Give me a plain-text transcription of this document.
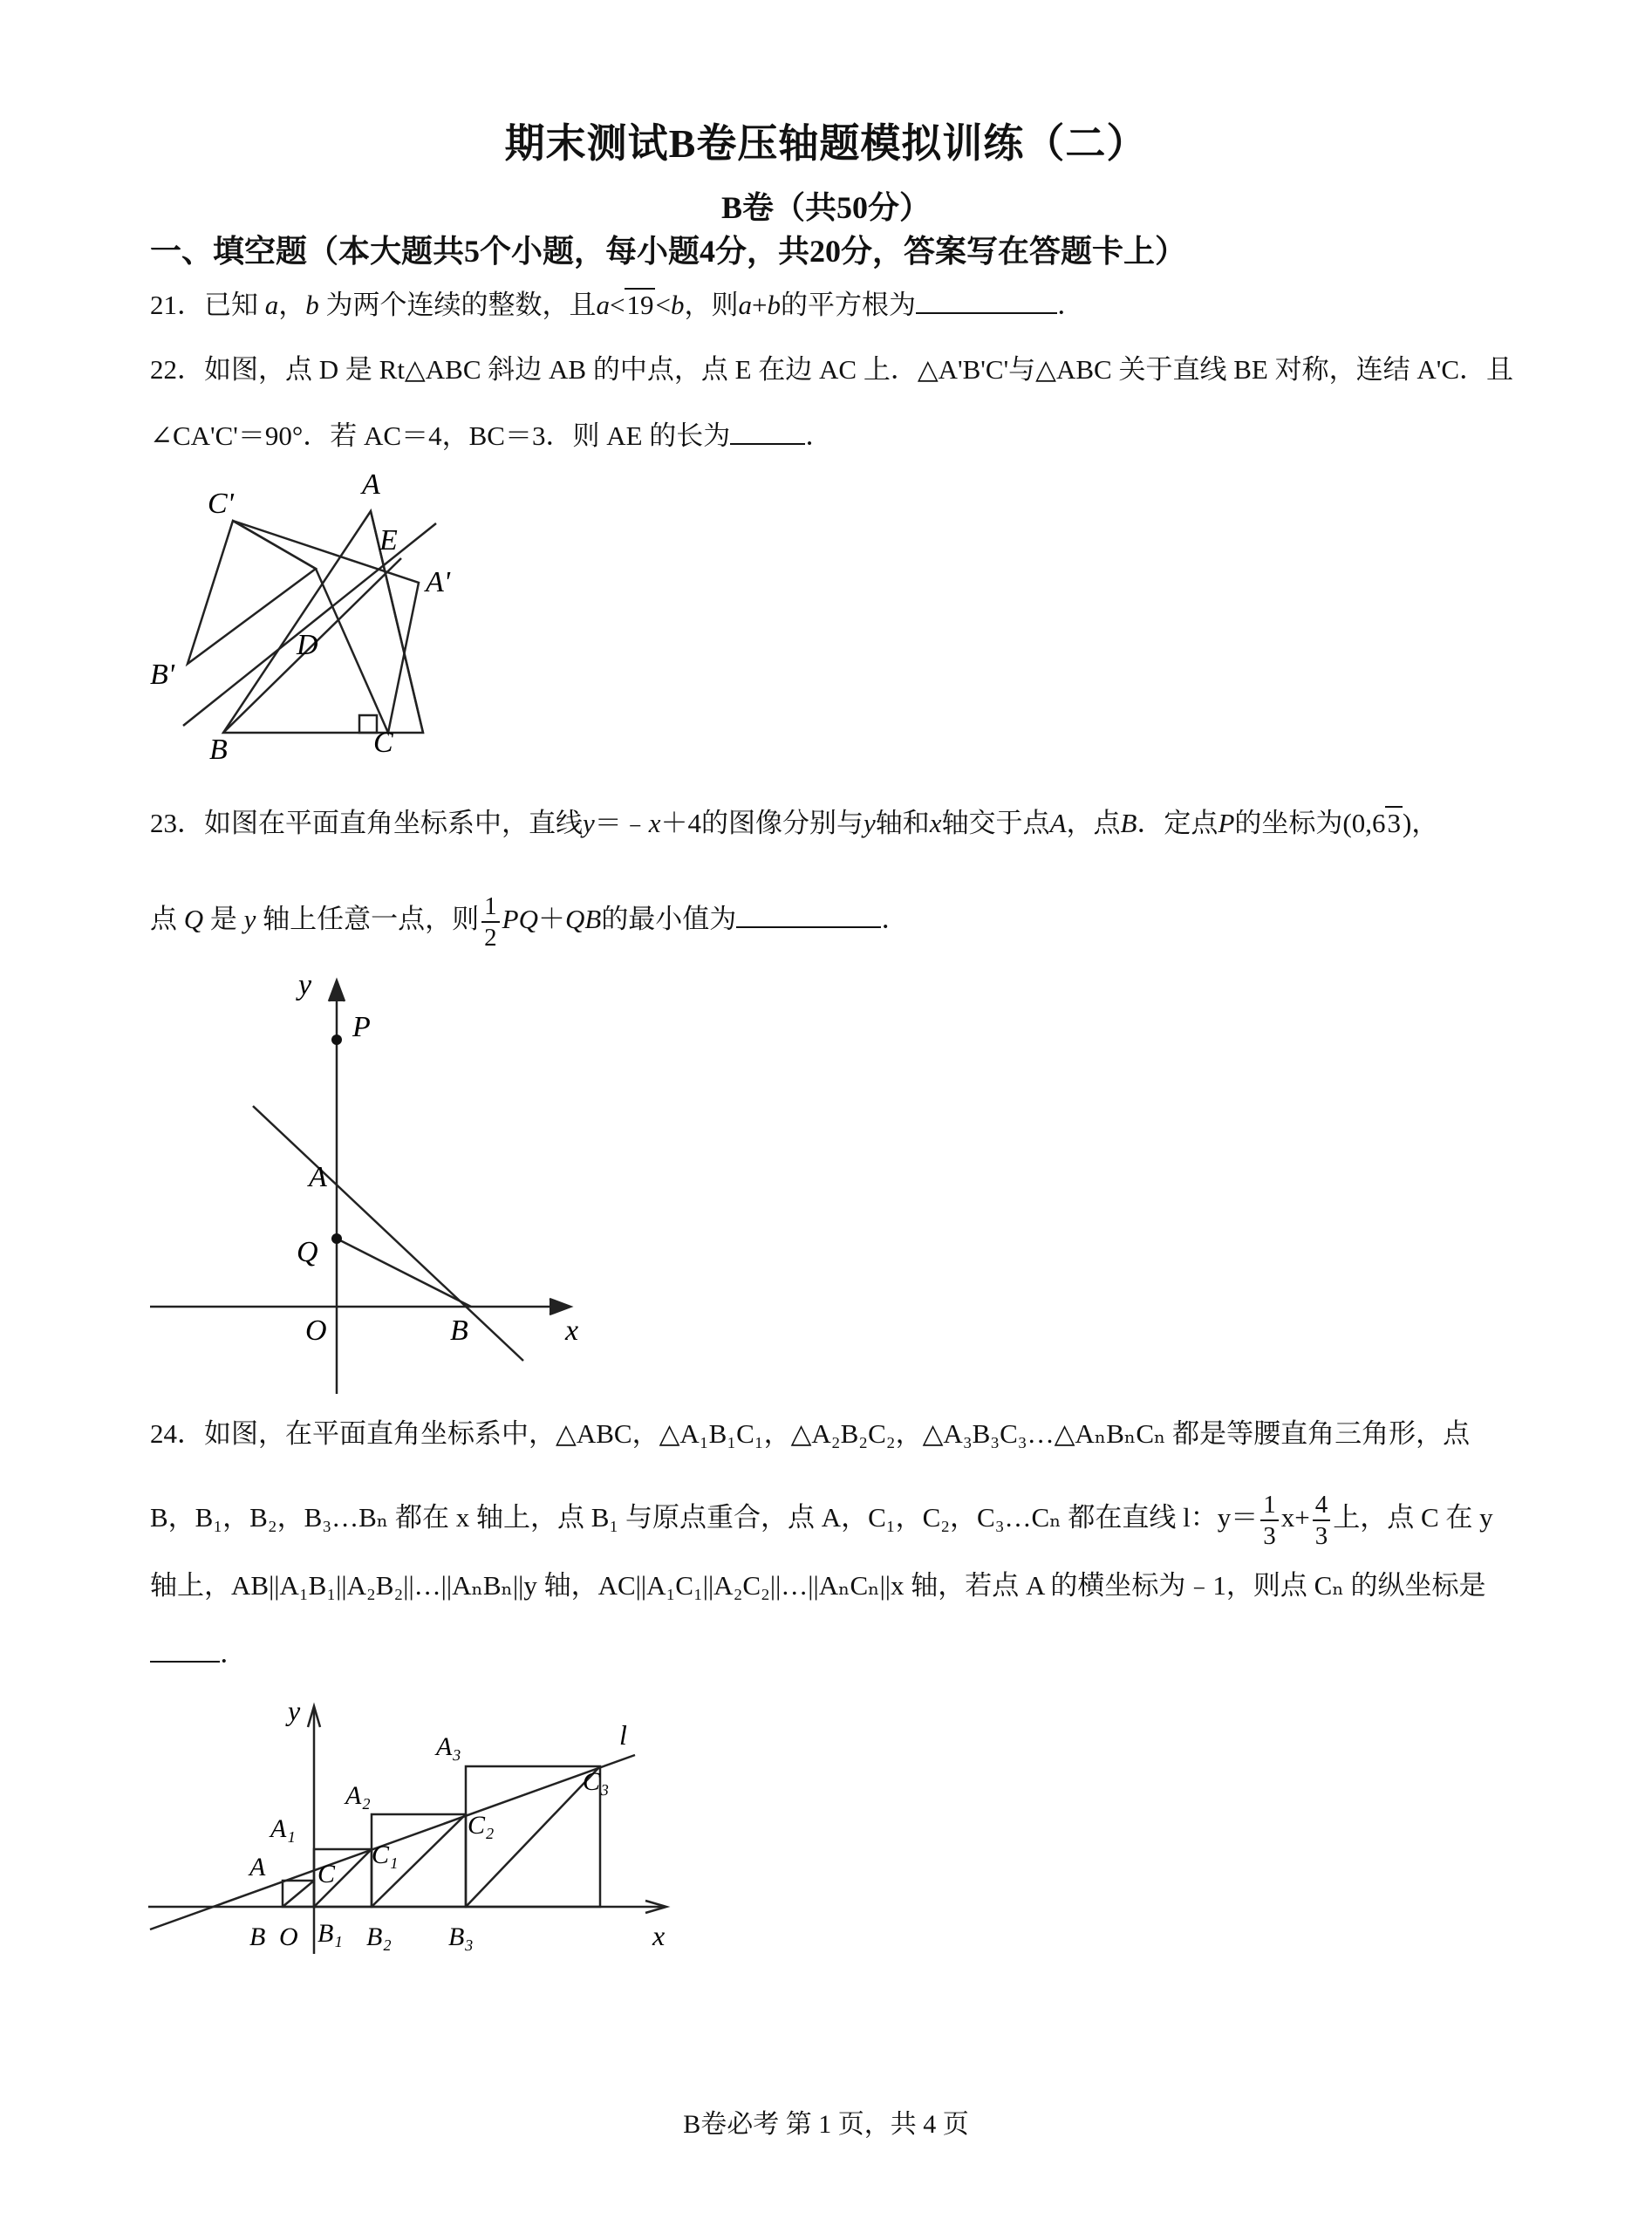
期末测试B卷压轴题模拟训练（二）
B卷（共50分）
一、填空题（本大题共5个小题，每小题4分，共20分，答案写在答题卡上）
21．已知 a，b 为两个连续的整数，且a<19<b，则a+b的平方根为	．
22．如图，点 D 是 Rt△ABC 斜边 AB 的中点，点 E 在边 AC 上．△A'B'C'与△ABC 关于直线 BE 对称，连结 A'C．且
∠CA'C'＝90°．若 AC＝4，BC＝3．则 AE 的长为	．
C'
A
E
A'
D
B'
B	C
23．如图在平面直角坐标系中，直线y＝﹣x＋4的图像分别与y轴和x轴交于点A，点B．定点P的坐标为(0,63)，
点 Q 是 y 轴上任意一点，则 $\frac{1}{2} PQ+QB$的最小值为	．
y
P
A
Q
O	B	x
24．如图，在平面直角坐标系中，△ABC，△A₁B₁C₁，△A₂B₂C₂，△A₃B₃C₃…△AₙBₙCₙ 都是等腰直角三角形，点
B，B₁，B₂，B₃…Bₙ 都在 x 轴上，点 B₁ 与原点重合，点 A，C₁，C₂，C₃…Cₙ 都在直线 l：$y= \frac{1}{3} x+ \frac{4}{3}$ 上，点 C 在 y
轴上，AB||A₁B₁||A₂B₂||…||AₙBₙ||y 轴，AC||A₁C₁||A₂C₂||…||AₙCₙ||x 轴，若点 A 的横坐标为﹣1，则点 Cₙ 的纵坐标是
．
y
x
l
A
A₁
A₂
A₃
C
C₁
C₂
C₃
B O B₁ B₂ B₃
B卷必考 第 1 页，共 4 页
